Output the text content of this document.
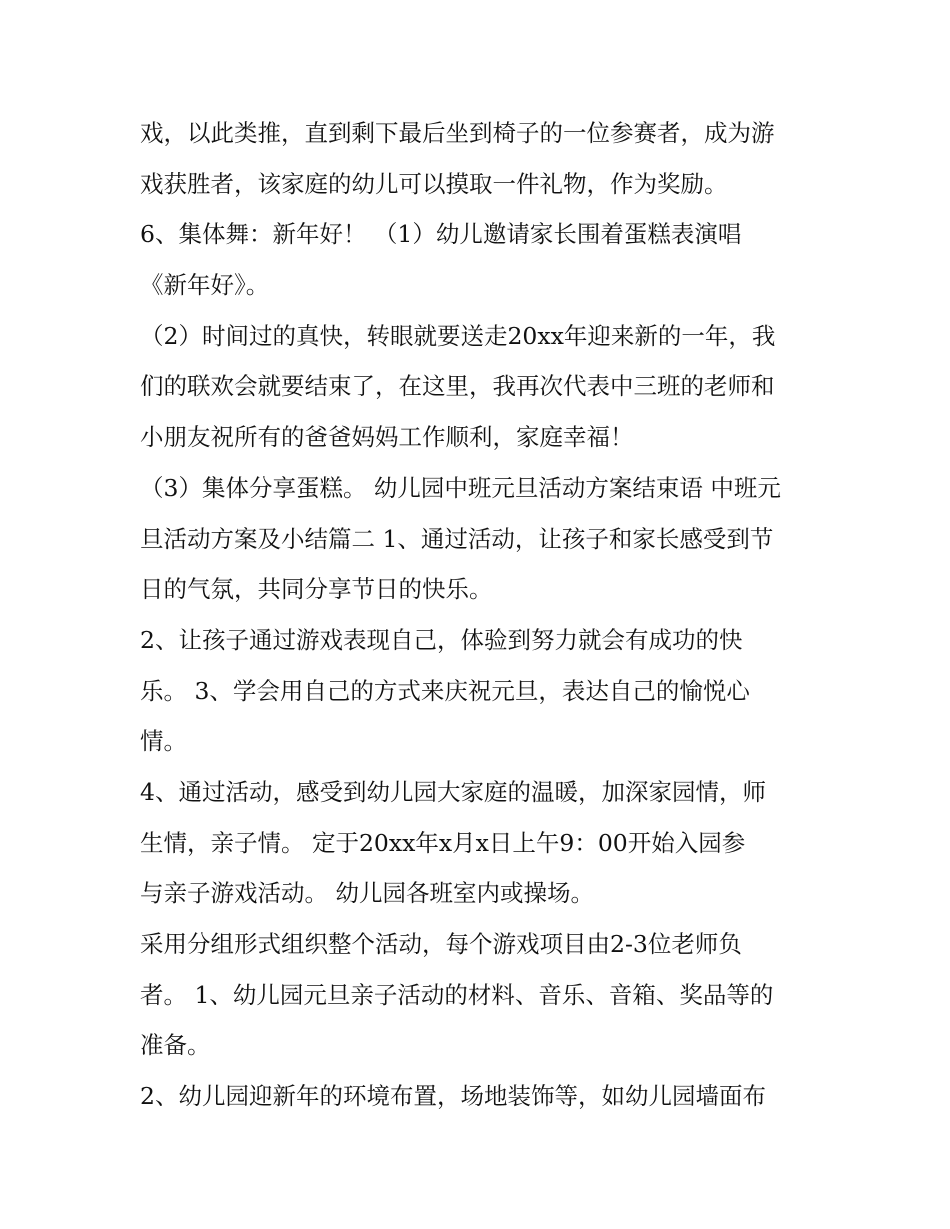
戏，以此类推，直到剩下最后坐到椅子的一位参赛者，成为游
戏获胜者，该家庭的幼儿可以摸取一件礼物，作为奖励。
6、集体舞：新年好！ （1）幼儿邀请家长围着蛋糕表演唱
《新年好》。
（2）时间过的真快，转眼就要送走20xx年迎来新的一年，我
们的联欢会就要结束了，在这里，我再次代表中三班的老师和
小朋友祝所有的爸爸妈妈工作顺利，家庭幸福！
（3）集体分享蛋糕。 幼儿园中班元旦活动方案结束语 中班元
旦活动方案及小结篇二 1、通过活动，让孩子和家长感受到节
日的气氛，共同分享节日的快乐。
2、让孩子通过游戏表现自己，体验到努力就会有成功的快
乐。 3、学会用自己的方式来庆祝元旦，表达自己的愉悦心
情。
4、通过活动，感受到幼儿园大家庭的温暖，加深家园情，师
生情，亲子情。 定于20xx年x月x日上午9：00开始入园参
与亲子游戏活动。 幼儿园各班室内或操场。
采用分组形式组织整个活动，每个游戏项目由2-3位老师负
者。 1、幼儿园元旦亲子活动的材料、音乐、音箱、奖品等的
准备。
2、幼儿园迎新年的环境布置，场地装饰等，如幼儿园墙面布
